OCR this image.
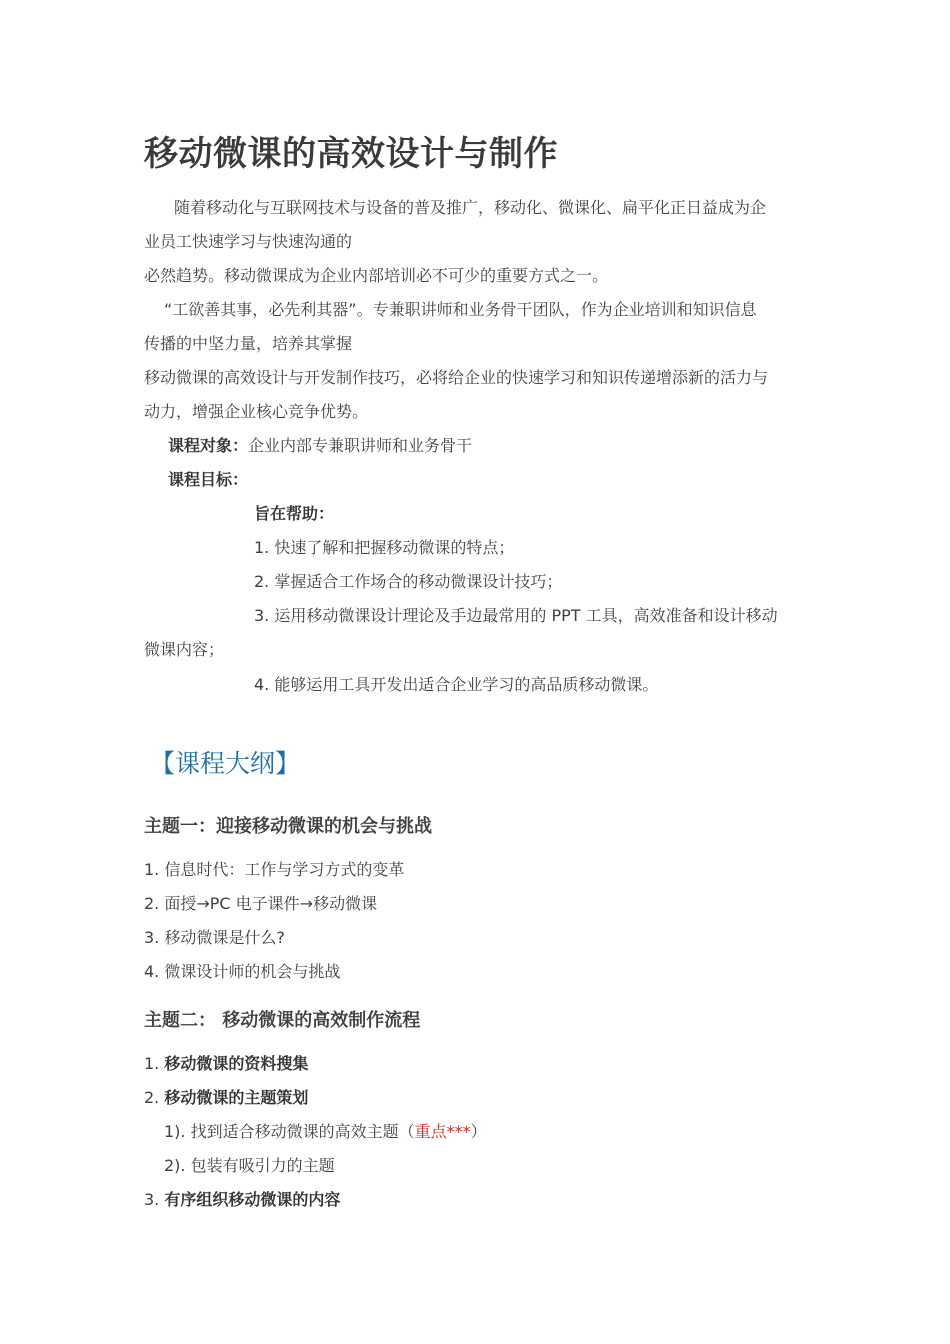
移动微课的高效设计与制作
随着移动化与互联网技术与设备的普及推广，移动化、微课化、扁平化正日益成为企
业员工快速学习与快速沟通的
必然趋势。移动微课成为企业内部培训必不可少的重要方式之一。
“工欲善其事，必先利其器”。专兼职讲师和业务骨干团队，作为企业培训和知识信息
传播的中坚力量，培养其掌握
移动微课的高效设计与开发制作技巧，必将给企业的快速学习和知识传递增添新的活力与
动力，增强企业核心竞争优势。
课程对象：企业内部专兼职讲师和业务骨干
课程目标：
旨在帮助：
1. 快速了解和把握移动微课的特点；
2. 掌握适合工作场合的移动微课设计技巧；
3. 运用移动微课设计理论及手边最常用的 PPT 工具，高效准备和设计移动
微课内容；
4. 能够运用工具开发出适合企业学习的高品质移动微课。
【课程大纲】
主题一：迎接移动微课的机会与挑战
1. 信息时代：工作与学习方式的变革
2. 面授→PC 电子课件→移动微课
3. 移动微课是什么?
4. 微课设计师的机会与挑战
主题二： 移动微课的高效制作流程
1. 移动微课的资料搜集
2. 移动微课的主题策划
1). 找到适合移动微课的高效主题（重点***）
2). 包装有吸引力的主题
3. 有序组织移动微课的内容
